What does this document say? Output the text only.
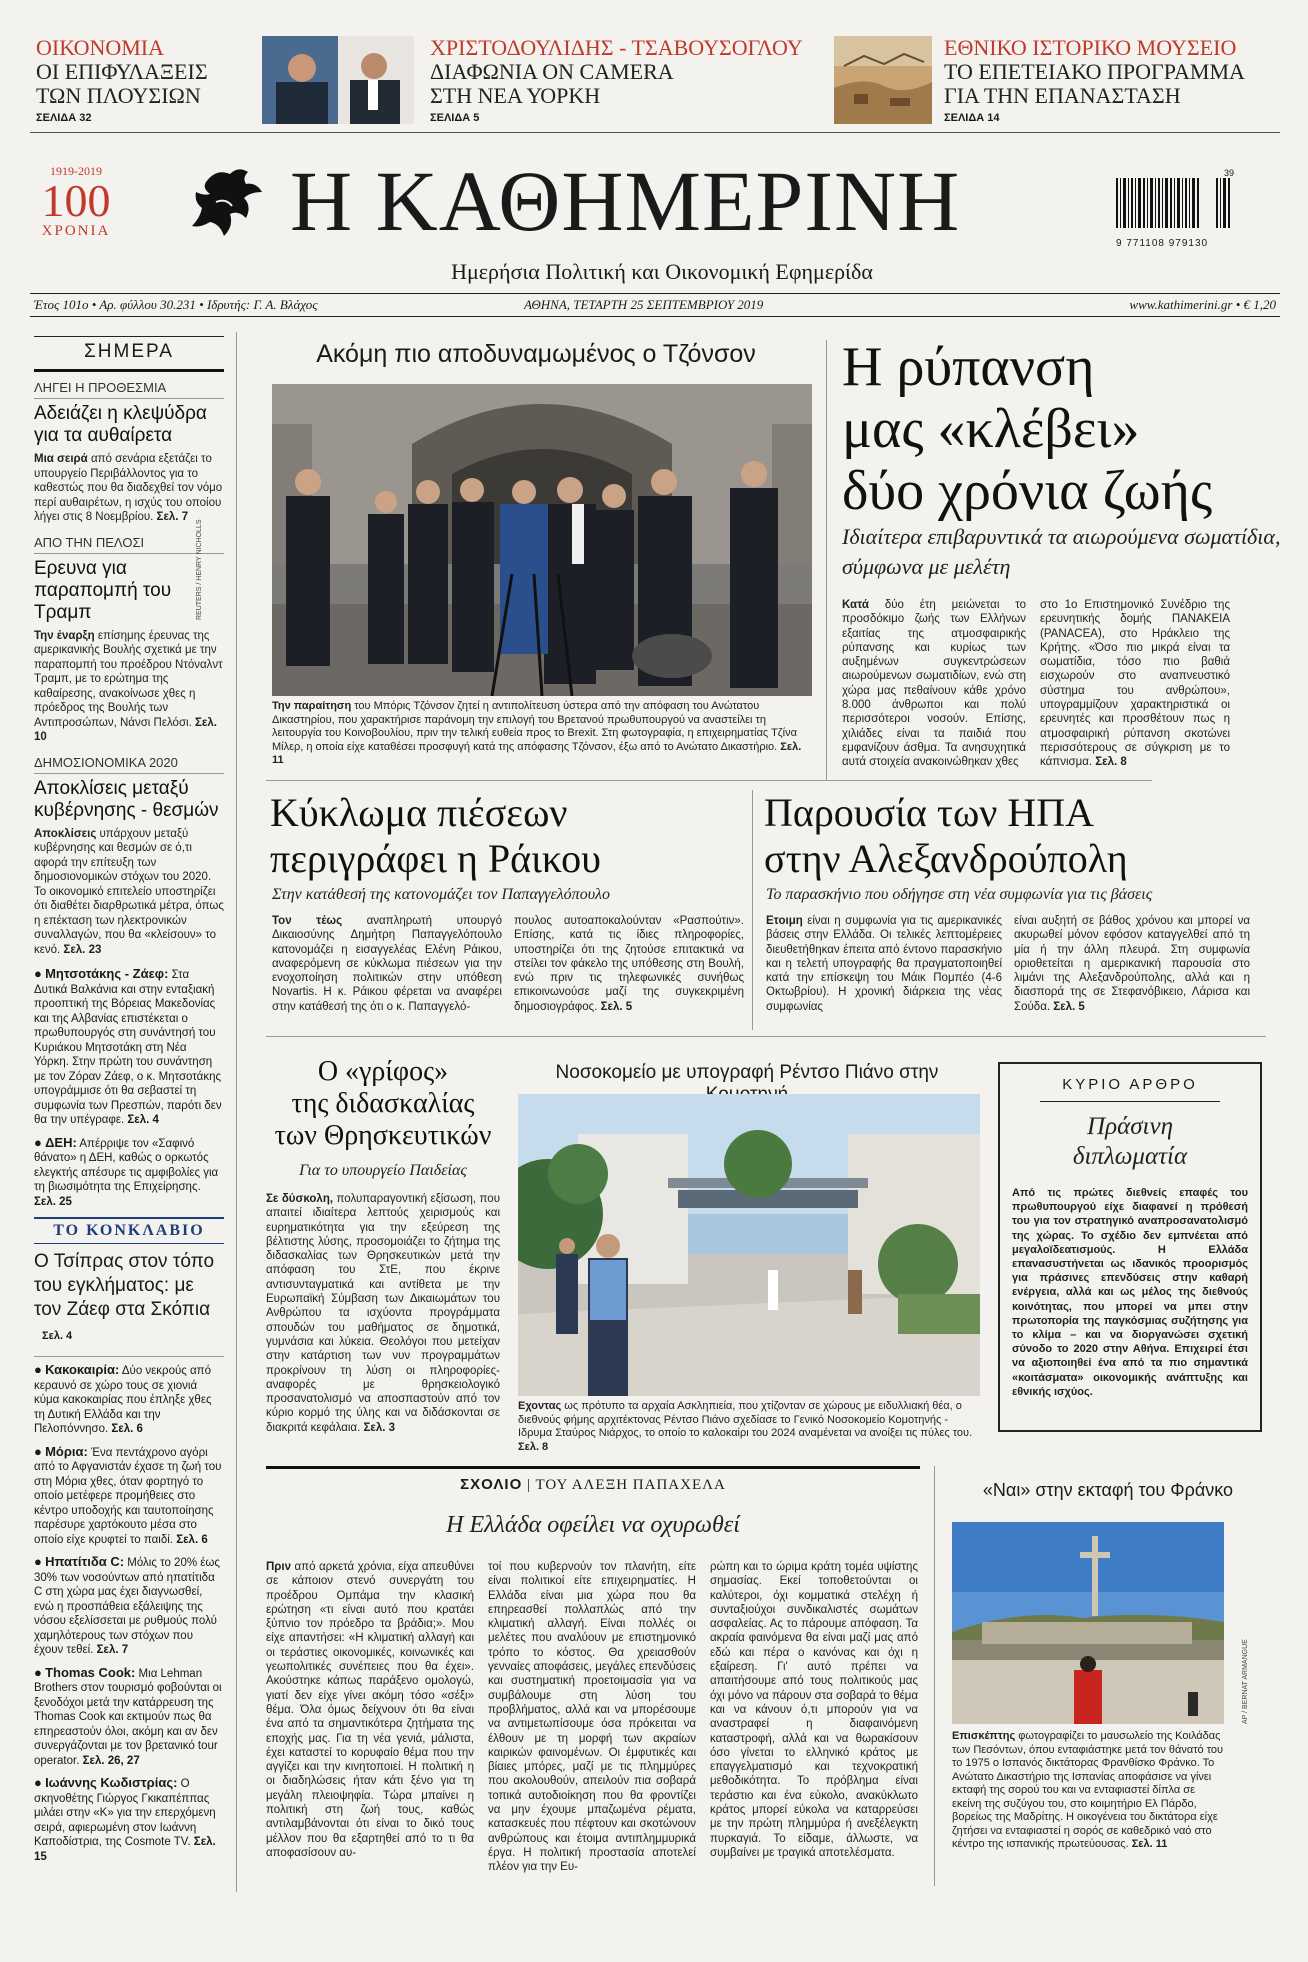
ΟΙΚΟΝΟΜΙΑ
ΟΙ ΕΠΙΦΥΛΑΞΕΙΣ
ΤΩΝ ΠΛΟΥΣΙΩΝ
ΣΕΛΙΔΑ 32
ΧΡΙΣΤΟΔΟΥΛΙΔΗΣ - ΤΣΑΒΟΥΣΟΓΛΟΥ
ΔΙΑΦΩΝΙΑ ΟΝ CAMERA
ΣΤΗ ΝΕΑ ΥΟΡΚΗ
ΣΕΛΙΔΑ 5
ΕΘΝΙΚΟ ΙΣΤΟΡΙΚΟ ΜΟΥΣΕΙΟ
ΤΟ ΕΠΕΤΕΙΑΚΟ ΠΡΟΓΡΑΜΜΑ
ΓΙΑ ΤΗΝ ΕΠΑΝΑΣΤΑΣΗ
ΣΕΛΙΔΑ 14
1919-2019
100
ΧΡΟΝΙΑ Η ΚΑΘΗΜΕΡΙΝΗ
Ημερήσια Πολιτική και Οικονομική Εφημερίδα
39
9 771108 979130
Έτος 101ο • Αρ. φύλλου 30.231 • Ιδρυτής: Γ. Α. Βλάχος	ΑΘΗΝΑ, ΤΕΤΑΡΤΗ 25 ΣΕΠΤΕΜΒΡΙΟΥ 2019	www.kathimerini.gr • € 1,20
ΣΗΜΕΡΑ
ΛΗΓΕΙ Η ΠΡΟΘΕΣΜΙΑ
Αδειάζει η κλεψύδρα για τα αυθαίρετα
Μια σειρά από σενάρια εξετάζει το υπουργείο Περιβάλλοντος για το καθεστώς που θα διαδεχθεί τον νόμο περί αυθαιρέτων, η ισχύς του οποίου λήγει στις 8 Νοεμβρίου. Σελ. 7
ΑΠΟ ΤΗΝ ΠΕΛΟΣΙ
Ερευνα για παραπομπή του Τραμπ
Την έναρξη επίσημης έρευνας της αμερικανικής Βουλής σχετικά με την παραπομπή του προέδρου Ντόναλντ Τραμπ, με το ερώτημα της καθαίρεσης, ανακοίνωσε χθες η πρόεδρος της Βουλής των Αντιπροσώπων, Νάνσι Πελόσι. Σελ. 10
ΔΗΜΟΣΙΟΝΟΜΙΚΑ 2020
Αποκλίσεις μεταξύ κυβέρνησης - θεσμών
Αποκλίσεις υπάρχουν μεταξύ κυβέρνησης και θεσμών σε ό,τι αφορά την επίτευξη των δημοσιονομικών στόχων του 2020. Το οικονομικό επιτελείο υποστηρίζει ότι διαθέτει διαρθρωτικά μέτρα, όπως η επέκταση των ηλεκτρονικών συναλλαγών, που θα «κλείσουν» το κενό. Σελ. 23
● Μητσοτάκης - Ζάεφ: Στα Δυτικά Βαλκάνια και στην ενταξιακή προοπτική της Βόρειας Μακεδονίας και της Αλβανίας επιστέκεται ο πρωθυπουργός στη συνάντησή του Κυριάκου Μητσοτάκη στη Νέα Υόρκη. Στην πρώτη του συνάντηση με τον Ζόραν Ζάεφ, ο κ. Μητσοτάκης υπογράμμισε ότι θα σεβαστεί τη συμφωνία των Πρεσπών, παρότι δεν θα την υπέγραφε. Σελ. 4
● ΔΕΗ: Απέρριψε τον «Σαφινό θάνατο» η ΔΕΗ, καθώς ο ορκωτός ελεγκτής απέσυρε τις αμφιβολίες για τη βιωσιμότητα της Επιχείρησης. Σελ. 25
ΤΟ ΚΟΝΚΛΑΒΙΟ
Ο Τσίπρας στον τόπο του εγκλήματος: με τον Ζάεφ στα Σκόπια Σελ. 4
● Κακοκαιρία: Δύο νεκρούς από κεραυνό σε χώρο τους σε χιονιά κύμα κακοκαιρίας που έπληξε χθες τη Δυτική Ελλάδα και την Πελοπόννησο. Σελ. 6
● Μόρια: Ένα πεντάχρονο αγόρι από το Αφγανιστάν έχασε τη ζωή του στη Μόρια χθες, όταν φορτηγό το οποίο μετέφερε προμήθειες στο κέντρο υποδοχής και ταυτοποίησης παρέσυρε χαρτόκουτο μέσα στο οποίο είχε κρυφτεί το παιδί. Σελ. 6
● Ηπατίτιδα C: Μόλις το 20% έως 30% των νοσούντων από ηπατίτιδα C στη χώρα μας έχει διαγνωσθεί, ενώ η προσπάθεια εξάλειψης της νόσου εξελίσσεται με ρυθμούς πολύ χαμηλότερους των στόχων που έχουν τεθεί. Σελ. 7
● Thomas Cook: Μια Lehman Brothers στον τουρισμό φοβούνται οι ξενοδόχοι μετά την κατάρρευση της Thomas Cook και εκτιμούν πως θα επηρεαστούν όλοι, ακόμη και αν δεν συνεργάζονται με τον βρετανικό tour operator. Σελ. 26, 27
● Ιωάννης Κωδιστρίας: Ο σκηνοθέτης Γιώργος Γκικαπέππας μιλάει στην «Κ» για την επερχόμενη σειρά, αφιερωμένη στον Ιωάννη Καποδίστρια, της Cosmote TV. Σελ. 15
Ακόμη πιο αποδυναμωμένος ο Τζόνσον
REUTERS / HENRY NICHOLLS
Την παραίτηση του Μπόρις Τζόνσον ζητεί η αντιπολίτευση ύστερα από την απόφαση του Ανώτατου Δικαστηρίου, που χαρακτήρισε παράνομη την επιλογή του Βρετανού πρωθυπουργού να αναστείλει τη λειτουργία του Κοινοβουλίου, πριν την τελική ευθεία προς το Brexit. Στη φωτογραφία, η επιχειρηματίας Τζίνα Μίλερ, η οποία είχε καταθέσει προσφυγή κατά της απόφασης Τζόνσον, έξω από το Ανώτατο Δικαστήριο. Σελ. 11
Η ρύπανση
μας «κλέβει»
δύο χρόνια ζωής
Ιδιαίτερα επιβαρυντικά τα αιωρούμενα σωματίδια, σύμφωνα με μελέτη
Κατά δύο έτη μειώνεται το προσδόκιμο ζωής των Ελλήνων εξαιτίας της ατμοσφαιρικής ρύπανσης και κυρίως των αυξημένων συγκεντρώσεων αιωρούμενων σωματιδίων, ενώ στη χώρα μας πεθαίνουν κάθε χρόνο 8.000 άνθρωποι και πολύ περισσότεροι νοσούν. Επίσης, χιλιάδες είναι τα παιδιά που εμφανίζουν άσθμα. Τα ανησυχητικά αυτά στοιχεία ανακοινώθηκαν χθες
στο 1ο Επιστημονικό Συνέδριο της ερευνητικής δομής ΠΑΝΑΚΕΙΑ (PANACEA), στο Ηράκλειο της Κρήτης. «Όσο πιο μικρά είναι τα σωματίδια, τόσο πιο βαθιά εισχωρούν στο αναπνευστικό σύστημα του ανθρώπου», υπογραμμίζουν χαρακτηριστικά οι ερευνητές και προσθέτουν πως η ατμοσφαιρική ρύπανση σκοτώνει περισσότερους σε σύγκριση με το κάπνισμα. Σελ. 8
Κύκλωμα πιέσεων
περιγράφει η Ράικου
Στην κατάθεσή της κατονομάζει τον Παπαγγελόπουλο
Τον τέως αναπληρωτή υπουργό Δικαιοσύνης Δημήτρη Παπαγγελόπουλο κατονομάζει η εισαγγελέας Ελένη Ράικου, αναφερόμενη σε κύκλωμα πιέσεων για την ενοχοποίηση πολιτικών στην υπόθεση Novartis. Η κ. Ράικου φέρεται να αναφέρει στην κατάθεσή της ότι ο κ. Παπαγγελό-
πουλος αυτοαποκαλούνταν «Ρασπούτιν». Επίσης, κατά τις ίδιες πληροφορίες, υποστηρίζει ότι της ζητούσε επιτακτικά να στείλει τον φάκελο της υπόθεσης στη Βουλή, ενώ πριν τις τηλεφωνικές συνήθως επικοινωνούσε μαζί της συγκεκριμένη δημοσιογράφος. Σελ. 5
Παρουσία των ΗΠΑ
στην Αλεξανδρούπολη
Το παρασκήνιο που οδήγησε στη νέα συμφωνία για τις βάσεις
Ετοιμη είναι η συμφωνία για τις αμερικανικές βάσεις στην Ελλάδα. Οι τελικές λεπτομέρειες διευθετήθηκαν έπειτα από έντονο παρασκήνιο και η τελετή υπογραφής θα πραγματοποιηθεί κατά την επίσκεψη του Μάικ Πομπέο (4-6 Οκτωβρίου). Η χρονική διάρκεια της νέας συμφωνίας
είναι αυξητή σε βάθος χρόνου και μπορεί να ακυρωθεί μόνον εφόσον καταγγελθεί από τη μία ή την άλλη πλευρά. Στη συμφωνία οριοθετείται η αμερικανική παρουσία στο λιμάνι της Αλεξανδρούπολης, αλλά και η διασπορά της σε Στεφανόβικειο, Λάρισα και Σούδα. Σελ. 5
Ο «γρίφος»
της διδασκαλίας
των Θρησκευτικών
Για το υπουργείο Παιδείας
Σε δύσκολη, πολυπαραγοντική εξίσωση, που απαιτεί ιδιαίτερα λεπτούς χειρισμούς και ευρηματικότητα για την εξεύρεση της βέλτιστης λύσης, προσομοιάζει το ζήτημα της διδασκαλίας των Θρησκευτικών μετά την απόφαση του ΣτΕ, που έκρινε αντισυνταγματικά και αντίθετα με την Ευρωπαϊκή Σύμβαση των Δικαιωμάτων του Ανθρώπου τα ισχύοντα προγράμματα σπουδών του μαθήματος σε δημοτικά, γυμνάσια και λύκεια. Θεολόγοι που μετείχαν στην κατάρτιση των νυν προγραμμάτων προκρίνουν τη λύση οι πληροφορίες-αναφορές με θρησκειολογικό προσανατολισμό να αποσπαστούν από τον κύριο κορμό της ύλης και να διδάσκονται σε διακριτά κεφάλαια. Σελ. 3
Νοσοκομείο με υπογραφή Ρέντσο Πιάνο στην
Εχοντας ως πρότυπο τα αρχαία Ασκληπιεία, που χτίζονταν σε χώρους με ειδυλλιακή θέα, ο διεθνούς φήμης αρχιτέκτονας Ρέντσο Πιάνο σχεδίασε το Γενικό Νοσοκομείο Κομοτηνής - Ιδρυμα Σταύρος Νιάρχος, το οποίο το καλοκαίρι του 2024 αναμένεται να ανοίξει τις πύλες του. Σελ. 8
ΚΥΡΙΟ ΑΡΘΡΟ
Πράσινη
διπλωματία
Από τις πρώτες διεθνείς επαφές του πρωθυπουργού είχε διαφανεί η πρόθεσή του για τον στρατηγικό αναπροσανατολισμό της χώρας. Το σχέδιο δεν εμπνέεται από μεγαλοϊδεατισμούς. Η Ελλάδα επανασυστήνεται ως ιδανικός προορισμός για πράσινες επενδύσεις στην καθαρή ενέργεια, αλλά και ως μέλος της διεθνούς κοινότητας, που μπορεί να μπει στην πρωτοπορία της παγκόσμιας συζήτησης για το κλίμα – και να διοργανώσει σχετική σύνοδο το 2020 στην Αθήνα. Επιχειρεί έτσι να αξιοποιηθεί ένα από τα πιο σημαντικά «κοιτάσματα» οικονομικής ανάπτυξης και εθνικής ισχύος.
ΣΧΟΛΙΟ | ΤΟΥ ΑΛΕΞΗ ΠΑΠΑΧΕΛΑ
Η Ελλάδα οφείλει να οχυρωθεί
Πριν από αρκετά χρόνια, είχα απευθύνει σε κάποιον στενό συνεργάτη του προέδρου Ομπάμα την κλασική ερώτηση «τι είναι αυτό που κρατάει ξύπνιο τον πρόεδρο τα βράδια;». Μου είχε απαντήσει: «Η κλιματική αλλαγή και οι τεράστιες οικονομικές, κοινωνικές και γεωπολιτικές συνέπειες που θα έχει». Ακούστηκε κάπως παράξενο ομολογώ, γιατί δεν είχε γίνει ακόμη τόσο «σέξι» θέμα. Όλα όμως δείχνουν ότι θα είναι ένα από τα σημαντικότερα ζητήματα της εποχής μας. Για τη νέα γενιά, μάλιστα, έχει καταστεί το κορυφαίο θέμα που την αγγίζει και την κινητοποιεί. Η πολιτική η οι διαδηλώσεις ήταν κάτι ξένο για τη μεγάλη πλειοψηφία. Τώρα μπαίνει η πολιτική στη ζωή τους, καθώς αντιλαμβάνονται ότι είναι το δικό τους μέλλον που θα εξαρτηθεί από το τι θα αποφασίσουν αυ-
τοί που κυβερνούν τον πλανήτη, είτε είναι πολιτικοί είτε επιχειρηματίες. Η Ελλάδα είναι μια χώρα που θα επηρεασθεί πολλαπλώς από την κλιματική αλλαγή. Είναι πολλές οι μελέτες που αναλύουν με επιστημονικό τρόπο το κόστος. Θα χρειασθούν γενναίες αποφάσεις, μεγάλες επενδύσεις και συστηματική προετοιμασία για να συμβάλουμε στη λύση του προβλήματος, αλλά και να μπορέσουμε να αντιμετωπίσουμε όσα πρόκειται να έλθουν με τη μορφή των ακραίων καιρικών φαινομένων. Οι έμφυτικές και βίαιες μπόρες, μαζί με τις πλημμύρες που ακολουθούν, απειλούν πια σοβαρά τοπικά αυτοδιοίκηση που θα φροντίζει να μην έχουμε μπαζωμένα ρέματα, κατασκευές που πέφτουν και σκοτώνουν ανθρώπους και έτοιμα αντιπλημμυρικά έργα. Η πολιτική προστασία αποτελεί πλέον για την Ευ-
ρώπη και το ώριμα κράτη τομέα υψίστης σημασίας. Εκεί τοποθετούνται οι καλύτεροι, όχι κομματικά στελέχη ή συνταξιούχοι συνδικαλιστές σωμάτων ασφαλείας. Ας το πάρουμε απόφαση. Τα ακραία φαινόμενα θα είναι μαζί μας από εδώ και πέρα ο κανόνας και όχι η εξαίρεση. Γι' αυτό πρέπει να απαιτήσουμε από τους πολιτικούς μας όχι μόνο να πάρουν στα σοβαρά το θέμα και να κάνουν ό,τι μπορούν για να αναστραφεί η διαφαινόμενη καταστροφή, αλλά και να θωρακίσουν όσο γίνεται το ελληνικό κράτος με επαγγελματισμό και τεχνοκρατική μεθοδικότητα. Το πρόβλημα είναι τεράστιο και ένα εύκολο, ανακύκλωτο κράτος μπορεί εύκολα να καταρρεύσει με την πρώτη πλημμύρα ή ανεξέλεγκτη πυρκαγιά. Το είδαμε, άλλωστε, να συμβαίνει με τραγικά αποτελέσματα.
«Ναι» στην εκταφή του Φράνκο
AP / BERNAT ARMANGUE
Επισκέπτης φωτογραφίζει το μαυσωλείο της Κοιλάδας των Πεσόντων, όπου ενταφιάστηκε μετά τον θάνατό του το 1975 ο Ισπανός δικτάτορας Φρανθίσκο Φράνκο. Το Ανώτατο Δικαστήριο της Ισπανίας αποφάσισε να γίνει εκταφή της σορού του και να ενταφιαστεί δίπλα σε εκείνη της συζύγου του, στο κοιμητήριο Ελ Πάρδο, βορείως της Μαδρίτης. Η οικογένεια του δικτάτορα είχε ζητήσει να ενταφιαστεί η σορός σε καθεδρικό ναό στο κέντρο της ισπανικής πρωτεύουσας. Σελ. 11
